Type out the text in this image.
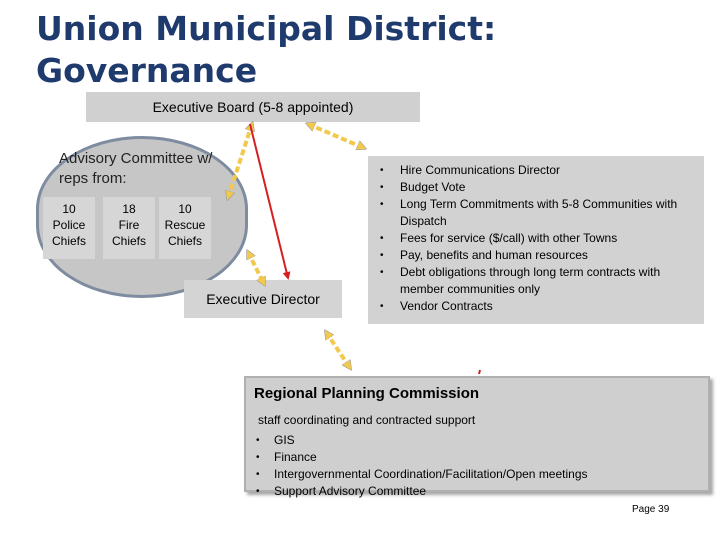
Union Municipal District: Governance
Executive Board (5-8 appointed)
Advisory Committee w/ reps from:
10
Police Chiefs
18
Fire Chiefs
10
Rescue Chiefs
Executive Director
• Hire Communications Director
• Budget Vote
• Long Term Commitments with 5-8 Communities with Dispatch
• Fees for service ($/call) with other Towns
• Pay, benefits and human resources
• Debt obligations through long term contracts with member communities only
• Vendor Contracts
Regional Planning Commission
staff coordinating and contracted support
• GIS
• Finance
• Intergovernmental Coordination/Facilitation/Open meetings
• Support Advisory Committee
Page 39
